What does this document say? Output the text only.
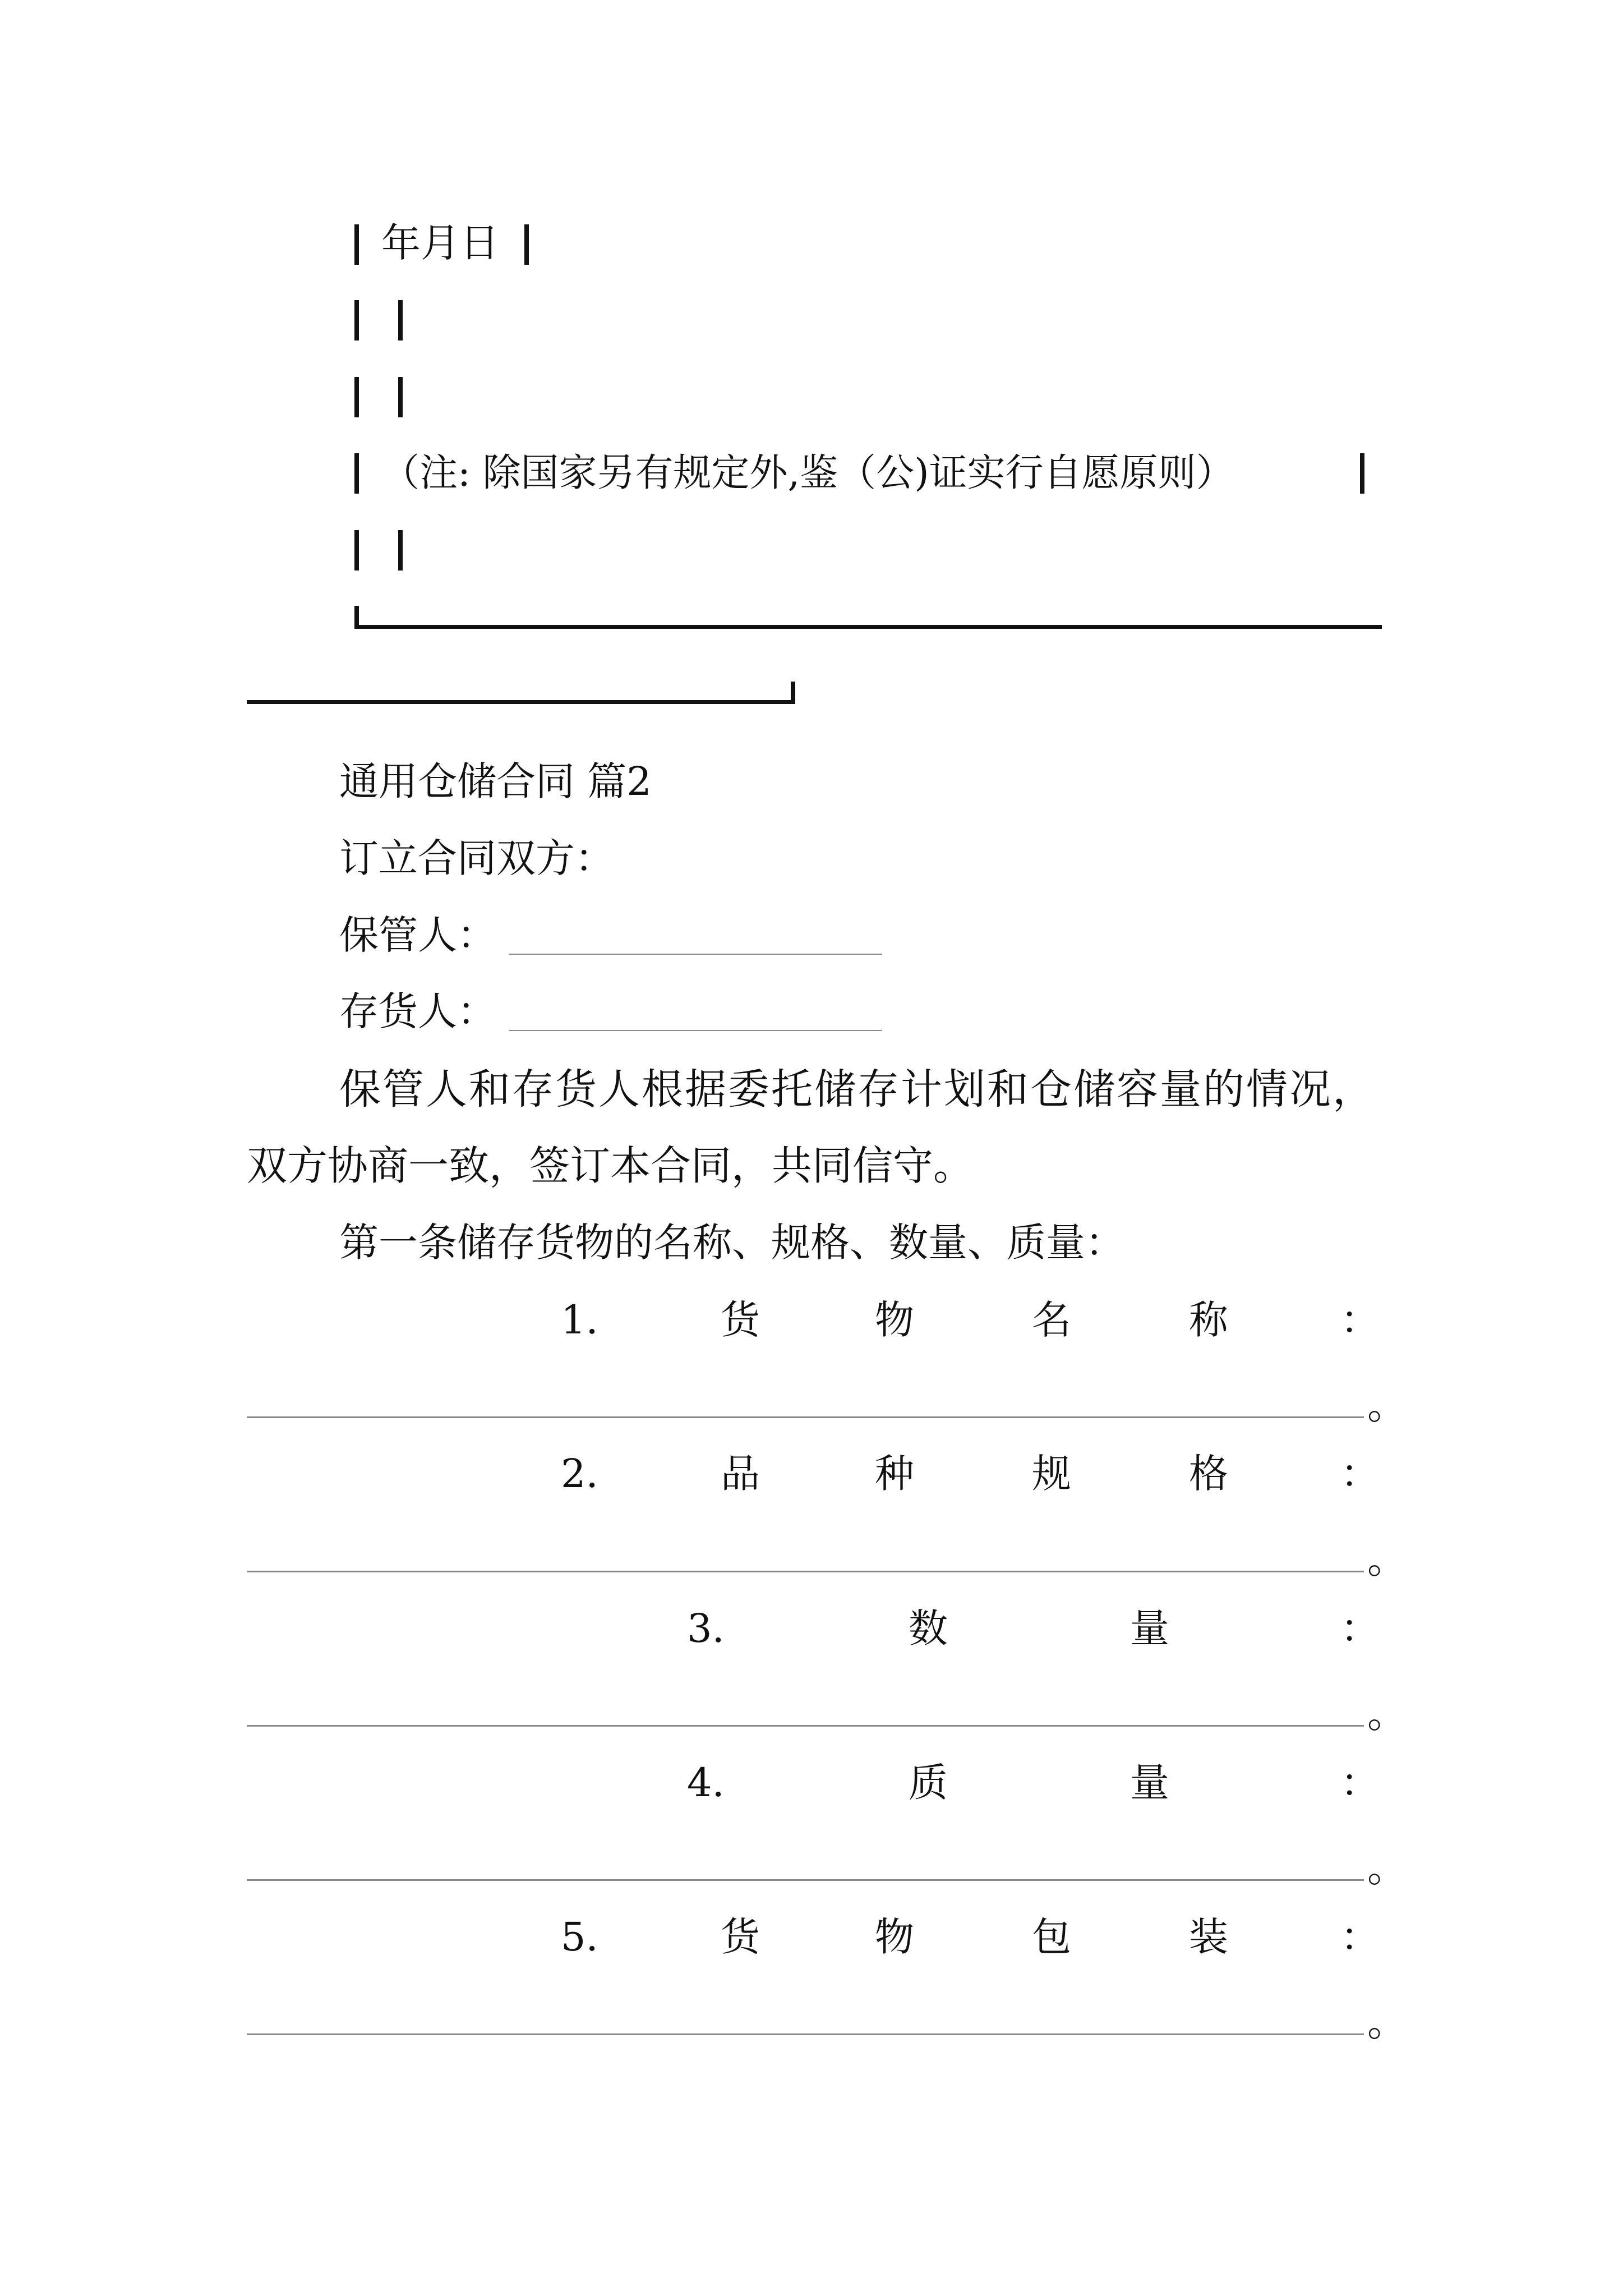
年月日
（注: 除国家另有规定外,鉴（公)证实行自愿原则）
通用仓储合同 篇2
订立合同双方：
保管人：
存货人：
保管人和存货人根据委托储存计划和仓储容量的情况，
双方协商一致，签订本合同，共同信守。
第一条储存货物的名称、规格、数量、质量：
1.	货	物	名	称	：
。
2.	品	种	规	格	：
。
3.	数	量	：
。
4.	质	量	：
。
5.	货	物	包	装	：
。
